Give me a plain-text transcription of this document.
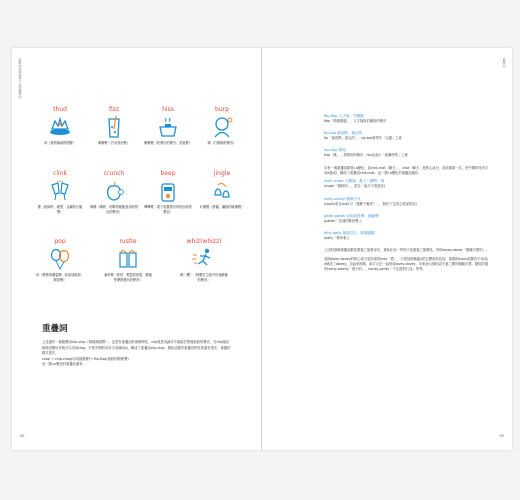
從動物叫聲到電子音的擬聲詞
thud
砰（重物落地的悶聲）
fizz
嘶嘶聲（汽水冒泡聲）
hiss
嘶嘶聲（蛇發出的聲音；蒸氣聲）
burp
嗝（打飽嗝的聲音）
clink
鏗（玻璃杯、硬幣、金屬的互碰聲）
crunch
喀嚓（嚼碎、折斷等硬脆食品時發出的聲音）
beep
嗶嗶聲（電子裝置發出的短而高的聲音）
jingle
叮噹聲（鈴鐺、鑰匙的碰撞聲）
pop
砰（輕微的爆裂聲；如氣球破掉、開香檳）
rustle
窸窣聲（乾枯、輕盈的紙張、樹葉等摩擦發出的聲音）
whiz(whizz)
咻！颼！（物體在空氣中快速移動的聲音）
重疊詞

上述還有一個擬聲詞clip-clop（喀噠喀噠聲），也是有重疊詞的那種特性，clip就是馬蹄或木屐踏在堅硬地面的聲音，在clip後面稍微改變母音就可以得到clop，只把中間的母音字母i換成o，構成了重疊詞clip-clop。類似這樣有重疊詞特性的還有很多，重疊的模式很多，

chop → chip-chop(切切割割聲)→ flip-flop(拖鞋的啪嗒聲)

這一類i-o變化的重疊詞還有：

88
重疊詞
flip-flop 人字拖；突變換
flop「啪噠啪噠」，人字拖拖於腳底的聲音
tip-top 最高點；極佳的
tip「最高點；頂尖的」，tip-top就等於「尖端」之意
hip-hop 嘻哈
hop「跳」，指嘻哈的舞步；hip也表示「新潮時髦」之意

另有一個重疊詞類是i-a變化，如chit-chat「聊天」，chat「聊天」是核心成分，前面重複一次，把中間的母音字母a換成i，構成了重疊詞chit-chat。這一類i-a變化的重疊詞還有：

mish-mash 大雜燴；亂七八糟的一堆
(mash「搗碎的」，混在一起分不清狀況)
shilly-shally 猶豫不決
(shally來自shall I?「我應不應該？」，無法下定決心時說的話)
pitter-patter (雨)滴答聲；雨腳聲
(patter「急速的輕拍聲」)
dilly-dally 拖拖拉拉；磨磨蹭蹭
(dally「無所事」)

上述的兩種重疊詞都是重複之後發母音，重新在前一些例子是重複之後變化。例如lovey-dovey「親暱可愛的」。

這個lovey-dovey的核心成分是前面的love「愛」，字尾加個後綴y把它變成形容詞，重複的lovey改變首字母l為d就成了dovey，念起來押韻，兩字合在一起形成lovey-dovey，用來表示情侶或夫妻之間的親暱可愛。類似的還有teeny-weeny「很小的」、hanky-panky「不正經的行為」等等。

89
